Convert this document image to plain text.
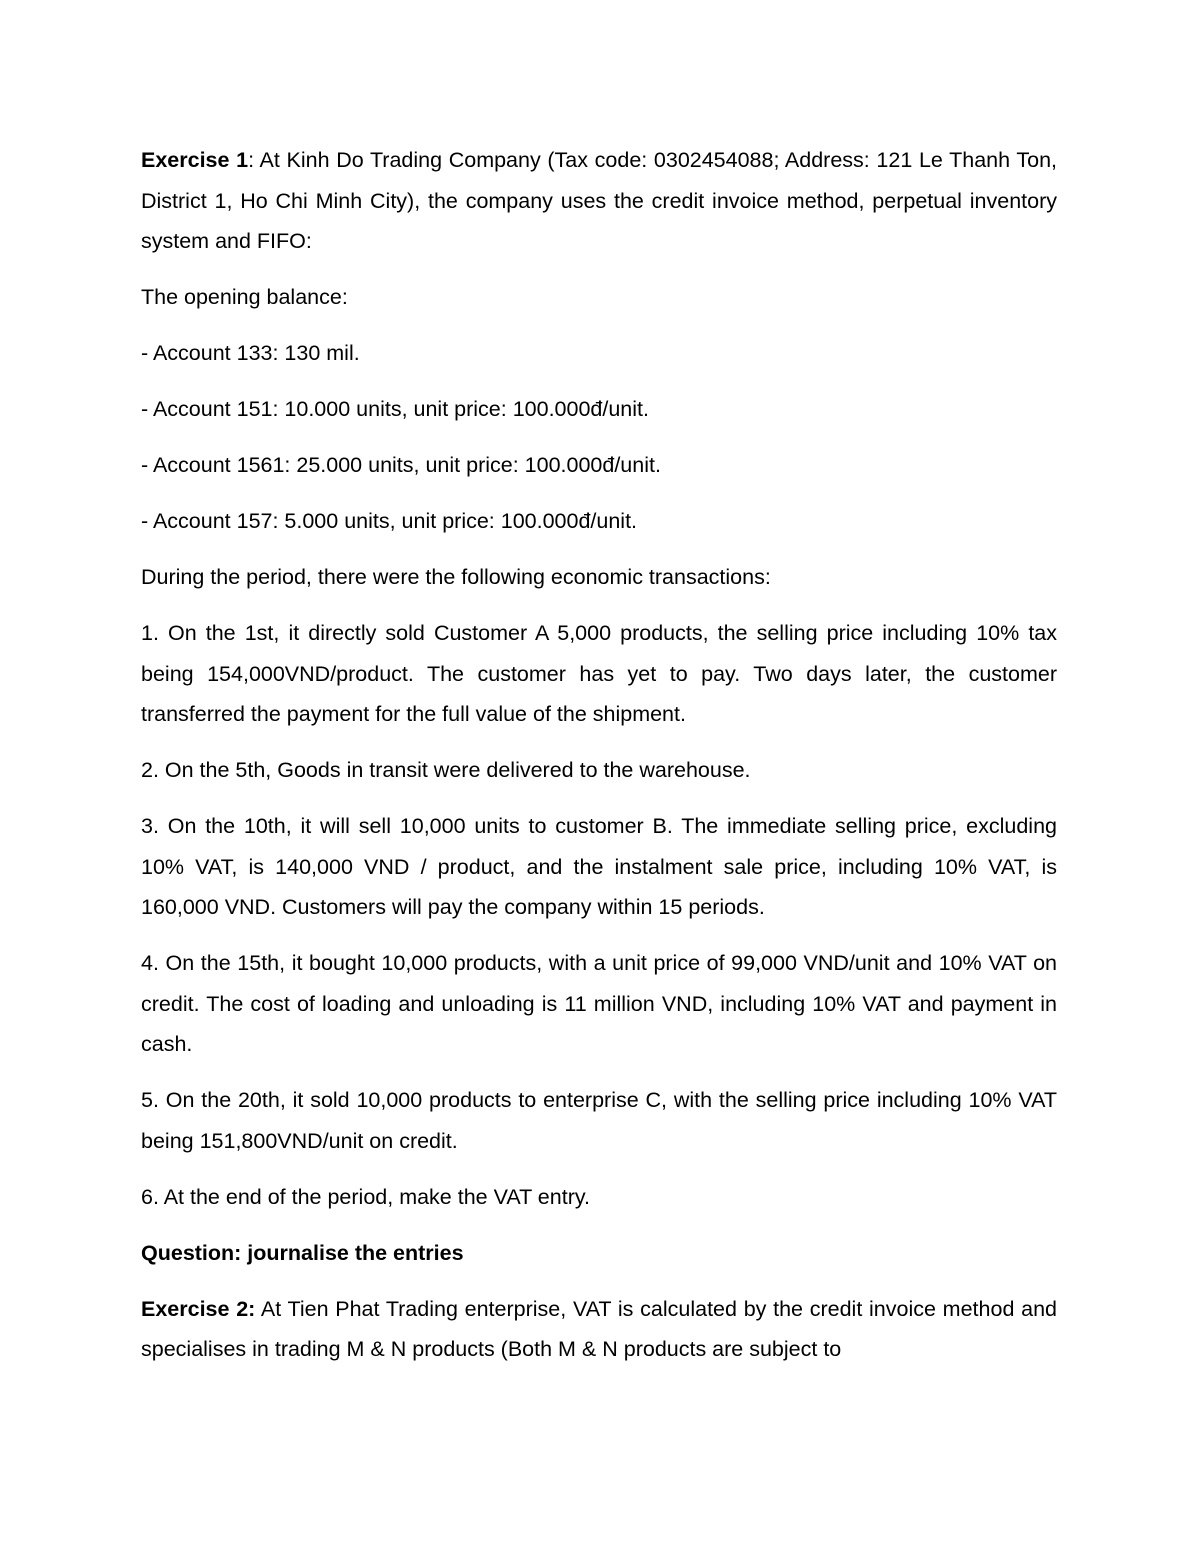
Exercise 1: At Kinh Do Trading Company (Tax code: 0302454088; Address: 121 Le Thanh Ton, District 1, Ho Chi Minh City), the company uses the credit invoice method, perpetual inventory system and FIFO:

The opening balance:

- Account 133: 130 mil.

- Account 151: 10.000 units, unit price: 100.000đ/unit.

- Account 1561: 25.000 units, unit price: 100.000đ/unit.

- Account 157: 5.000 units, unit price: 100.000đ/unit.

During the period, there were the following economic transactions:

1. On the 1st, it directly sold Customer A 5,000 products, the selling price including 10% tax being 154,000VND/product. The customer has yet to pay. Two days later, the customer transferred the payment for the full value of the shipment.

2. On the 5th, Goods in transit were delivered to the warehouse.

3. On the 10th, it will sell 10,000 units to customer B. The immediate selling price, excluding 10% VAT, is 140,000 VND / product, and the instalment sale price, including 10% VAT, is 160,000 VND. Customers will pay the company within 15 periods.

4. On the 15th, it bought 10,000 products, with a unit price of 99,000 VND/unit and 10% VAT on credit. The cost of loading and unloading is 11 million VND, including 10% VAT and payment in cash.

5. On the 20th, it sold 10,000 products to enterprise C, with the selling price including 10% VAT being 151,800VND/unit on credit.

6. At the end of the period, make the VAT entry.

Question: journalise the entries

Exercise 2: At Tien Phat Trading enterprise, VAT is calculated by the credit invoice method and specialises in trading M & N products (Both M & N products are subject to
